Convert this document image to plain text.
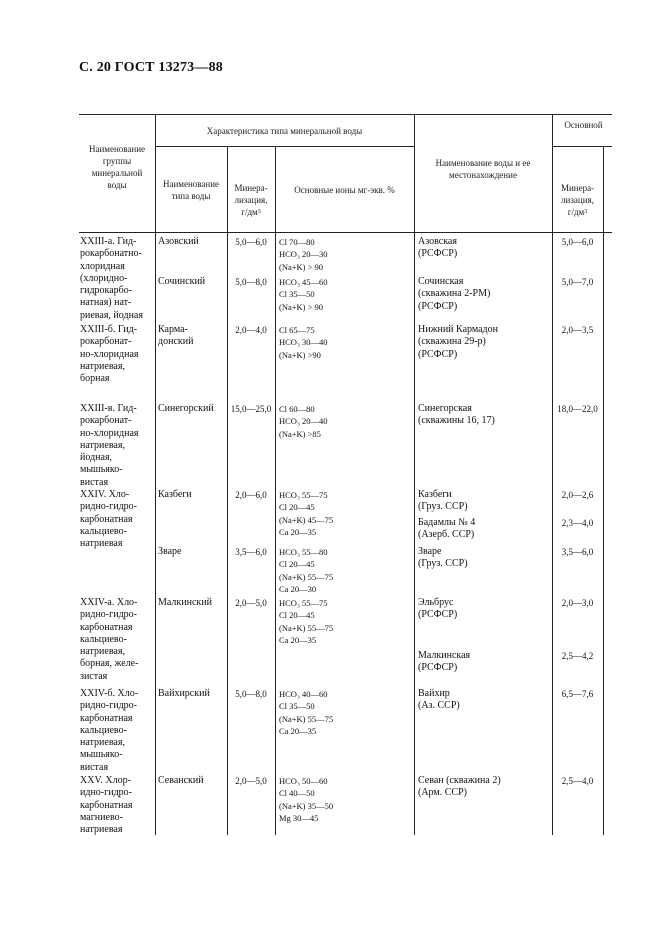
С. 20 ГОСТ 13273—88
Наименование
группы
минеральной
воды
Характеристика типа минеральной воды
Наименование
типа воды

Минера-
лизация,
$г/дм^3$

Основные ионы мг-экв. %
Наименование воды и ее
местонахождение
Основной

Минера-
лизация,
$г/дм^3$

XXIII-а. Гид-
рокарбонатно-
хлоридная
(хлоридно-
гидрокарбо-
натная) нат-
риевая, йодная
XXIII-б. Гид-
рокарбонат-
но-хлоридная
натриевая,
борная
XXIII-в. Гид-
рокарбонат-
но-хлоридная
натриевая,
йодная,
мышьяко-
вистая
XXIV. Хло-
ридно-гидро-
карбонатная
кальциево-
натриевая
XXIV-а. Хло-
ридно-гидро-
карбонатная
кальциево-
натриевая,
борная, желе-
зистая
XXIV-б. Хло-
ридно-гидро-
карбонатная
кальциево-
натриевая,
мышьяко-
вистая
XXV. Хлор-
идно-гидро-
карбонатная
магниево-
натриевая
Азовский
Сочинский
Карма-
донский
Синегорский
Казбеги
Зваре
Малкинский
Вайхирский
Севанский
5,0—6,0
5,0—8,0
2,0—4,0
15,0—25,0
2,0—6,0
3,5—6,0
2,0—5,0
5,0—8,0
2,0—5,0
Cl 70—80
HCO₃ 20—30
(Na+K) > 90
HCO₃ 45—60
Cl 35—50
(Na+K) > 90
Cl 65—75
HCO₃ 30—40
(Na+K) >90
Cl 60—80
HCO₃ 20—40
(Na+K) >85
HCO₃ 55—75
Cl 20—45
(Na+K) 45—75
Ca 20—35
HCO₃ 55—80
Cl 20—45
(Na+K) 55—75
Ca 20—30
HCO₃ 55—75
Cl 20—45
(Na+K) 55—75
Ca 20—35
HCO₃ 40—60
Cl 35—50
(Na+K) 55—75
Ca 20—35
HCO₃ 50—60
Cl 40—50
(Na+K) 35—50
Mg 30—45
Азовская
(РСФСР)
Сочинская
(скважина 2-РМ)
(РСФСР)
Нижний Кармадон
(скважина 29-р)
(РСФСР)
Синегорская
(скважины 16, 17)
Казбеги
(Груз. ССР)
Бадамлы № 4
(Азерб. ССР)
Зваре
(Груз. ССР)
Эльбрус
(РСФСР)
Малкинская
(РСФСР)
Вайхир
(Аз. ССР)
Севан (скважина 2)
(Арм. ССР)
5,0—6,0
5,0—7,0
2,0—3,5
18,0—22,0
2,0—2,6
2,3—4,0
3,5—6,0
2,0—3,0
2,5—4,2
6,5—7,6
2,5—4,0
